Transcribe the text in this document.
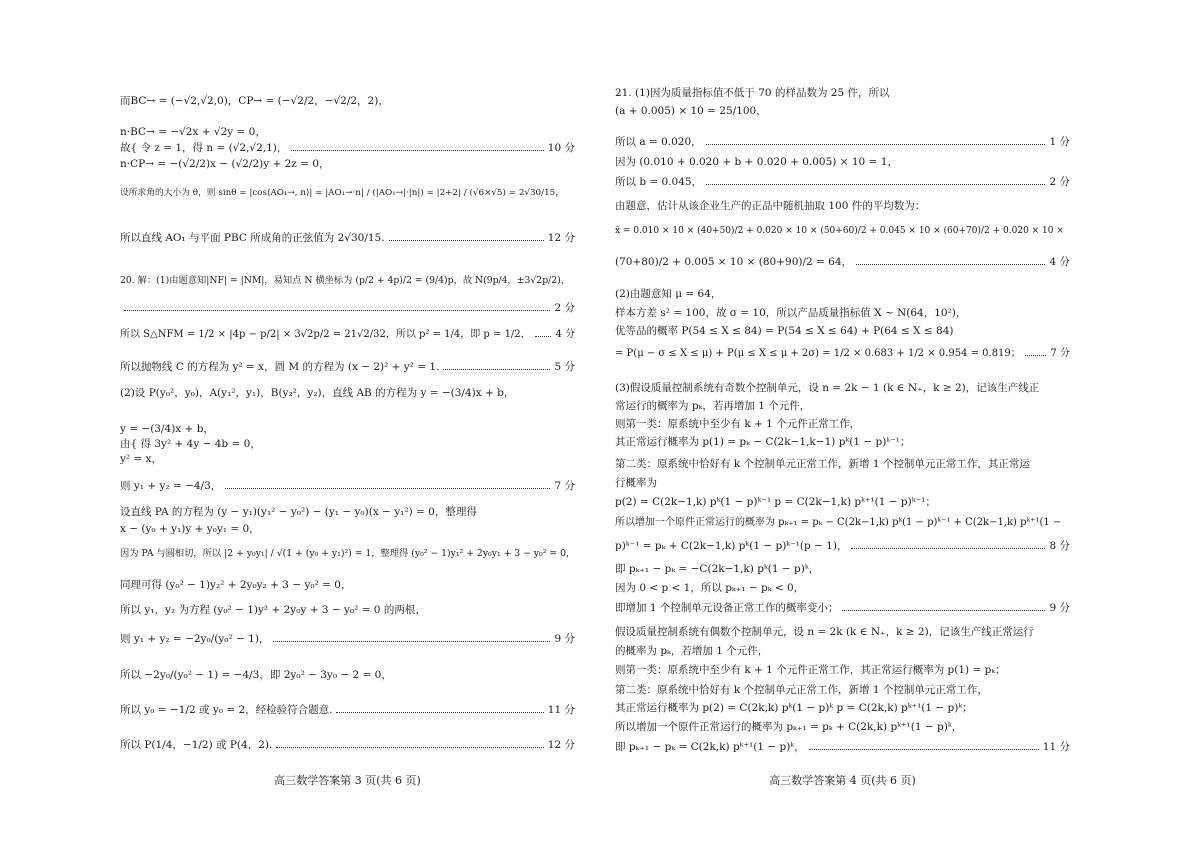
而BC→ = (−√2,√2,0)，CP→ = (−√2/2，−√2/2，2)，
n·BC→ = −√2x + √2y = 0，
故{ 令 z = 1，得 n = (√2,√2,1)，	10 分
n·CP→ = −(√2/2)x − (√2/2)y + 2z = 0，
设所求角的大小为 θ，则 sinθ = |cos⟨AO₁→, n⟩| = |AO₁→·n| / (|AO₁→|·|n|) = |2+2| / (√6×√5) = 2√30/15，
所以直线 AO₁ 与平面 PBC 所成角的正弦值为 2√30/15.	12 分
20. 解：(1)由题意知|NF| = |NM|，易知点 N 横坐标为 (p/2 + 4p)/2 = (9/4)p，故 N(9p/4，±3√2p/2)，
2 分
所以 S△NFM = 1/2 × |4p − p/2| × 3√2p/2 = 21√2/32，所以 p² = 1/4，即 p = 1/2， 4 分
所以抛物线 C 的方程为 y² = x，圆 M 的方程为 (x − 2)² + y² = 1.	5 分
(2)设 P(y₀²，y₀)，A(y₁²，y₁)，B(y₂²，y₂)，直线 AB 的方程为 y = −(3/4)x + b，
y = −(3/4)x + b，
由{ 得 3y² + 4y − 4b = 0，
y² = x，
则 y₁ + y₂ = −4/3，	7 分
设直线 PA 的方程为 (y − y₁)(y₁² − y₀²) − (y₁ − y₀)(x − y₁²) = 0，整理得
x − (y₀ + y₁)y + y₀y₁ = 0，
因为 PA 与圆相切，所以 |2 + y₀y₁| / √(1 + (y₀ + y₁)²) = 1，整理得 (y₀² − 1)y₁² + 2y₀y₁ + 3 − y₀² = 0，
同理可得 (y₀² − 1)y₂² + 2y₀y₂ + 3 − y₀² = 0，
所以 y₁，y₂ 为方程 (y₀² − 1)y² + 2y₀y + 3 − y₀² = 0 的两根，
则 y₁ + y₂ = −2y₀/(y₀² − 1)，	9 分
所以 −2y₀/(y₀² − 1) = −4/3，即 2y₀² − 3y₀ − 2 = 0，
所以 y₀ = −1/2 或 y₀ = 2，经检验符合题意.	11 分
所以 P(1/4，−1/2) 或 P(4，2).	12 分
高三数学答案第 3 页(共 6 页)
21. (1)因为质量指标值不低于 70 的样品数为 25 件，所以
(a + 0.005) × 10 = 25/100，
所以 a = 0.020，	1 分
因为 (0.010 + 0.020 + b + 0.020 + 0.005) × 10 = 1，
所以 b = 0.045，	2 分
由题意，估计从该企业生产的正品中随机抽取 100 件的平均数为：
x̄ = 0.010 × 10 × (40+50)/2 + 0.020 × 10 × (50+60)/2 + 0.045 × 10 × (60+70)/2 + 0.020 × 10 ×
(70+80)/2 + 0.005 × 10 × (80+90)/2 = 64，	4 分
(2)由题意知 μ = 64，
样本方差 s² = 100，故 σ = 10，所以产品质量指标值 X ~ N(64，10²)，
优等品的概率 P(54 ≤ X ≤ 84) = P(54 ≤ X ≤ 64) + P(64 ≤ X ≤ 84)
= P(μ − σ ≤ X ≤ μ) + P(μ ≤ X ≤ μ + 2σ) = 1/2 × 0.683 + 1/2 × 0.954 = 0.819；	7 分
(3)假设质量控制系统有奇数个控制单元，设 n = 2k − 1 (k ∈ N₊，k ≥ 2)，记该生产线正
常运行的概率为 pₖ，若再增加 1 个元件，
则第一类：原系统中至少有 k + 1 个元件正常工作，
其正常运行概率为 p(1) = pₖ − C(2k−1,k−1) pᵏ(1 − p)ᵏ⁻¹；
第二类：原系统中恰好有 k 个控制单元正常工作，新增 1 个控制单元正常工作，其正常运
行概率为
p(2) = C(2k−1,k) pᵏ(1 − p)ᵏ⁻¹ p = C(2k−1,k) pᵏ⁺¹(1 − p)ᵏ⁻¹；
所以增加一个原件正常运行的概率为 pₖ₊₁ = pₖ − C(2k−1,k) pᵏ(1 − p)ᵏ⁻¹ + C(2k−1,k) pᵏ⁺¹(1 −
p)ᵏ⁻¹ = pₖ + C(2k−1,k) pᵏ(1 − p)ᵏ⁻¹(p − 1)，	8 分
即 pₖ₊₁ − pₖ = −C(2k−1,k) pᵏ(1 − p)ᵏ，
因为 0 < p < 1，所以 pₖ₊₁ − pₖ < 0，
即增加 1 个控制单元设备正常工作的概率变小；	9 分
假设质量控制系统有偶数个控制单元，设 n = 2k (k ∈ N₊，k ≥ 2)，记该生产线正常运行
的概率为 pₖ，若增加 1 个元件，
则第一类：原系统中至少有 k + 1 个元件正常工作，其正常运行概率为 p(1) = pₖ；
第二类：原系统中恰好有 k 个控制单元正常工作，新增 1 个控制单元正常工作，
其正常运行概率为 p(2) = C(2k,k) pᵏ(1 − p)ᵏ p = C(2k,k) pᵏ⁺¹(1 − p)ᵏ；
所以增加一个原件正常运行的概率为 pₖ₊₁ = pₖ + C(2k,k) pᵏ⁺¹(1 − p)ᵏ，
即 pₖ₊₁ − pₖ = C(2k,k) pᵏ⁺¹(1 − p)ᵏ，	11 分
高三数学答案第 4 页(共 6 页)
